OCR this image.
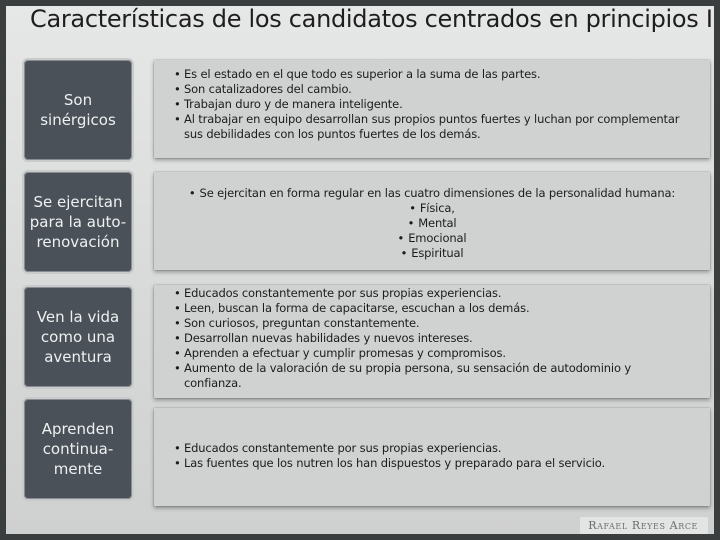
Características de los candidatos centrados en principios I
Son sinérgicos
• Es el estado en el que todo es superior a la suma de las partes.
• Son catalizadores del cambio.
• Trabajan duro y de manera inteligente.
• Al trabajar en equipo desarrollan sus propios puntos fuertes y luchan por complementar sus debilidades con los puntos fuertes de los demás.
Se ejercitan para la auto-renovación
• Se ejercitan en forma regular en las cuatro dimensiones de la personalidad humana:
• Física,
• Mental
• Emocional
• Espiritual
Ven la vida como una aventura
• Educados constantemente por sus propias experiencias.
• Leen, buscan la forma de capacitarse, escuchan a los demás.
• Son curiosos, preguntan constantemente.
• Desarrollan nuevas habilidades y nuevos intereses.
• Aprenden a efectuar y cumplir promesas y compromisos.
• Aumento de la valoración de su propia persona, su sensación de autodominio y confianza.
Aprenden continua-mente
• Educados constantemente por sus propias experiencias.
• Las fuentes que los nutren los han dispuestos y preparado para el servicio.
Rafael Reyes Arce
